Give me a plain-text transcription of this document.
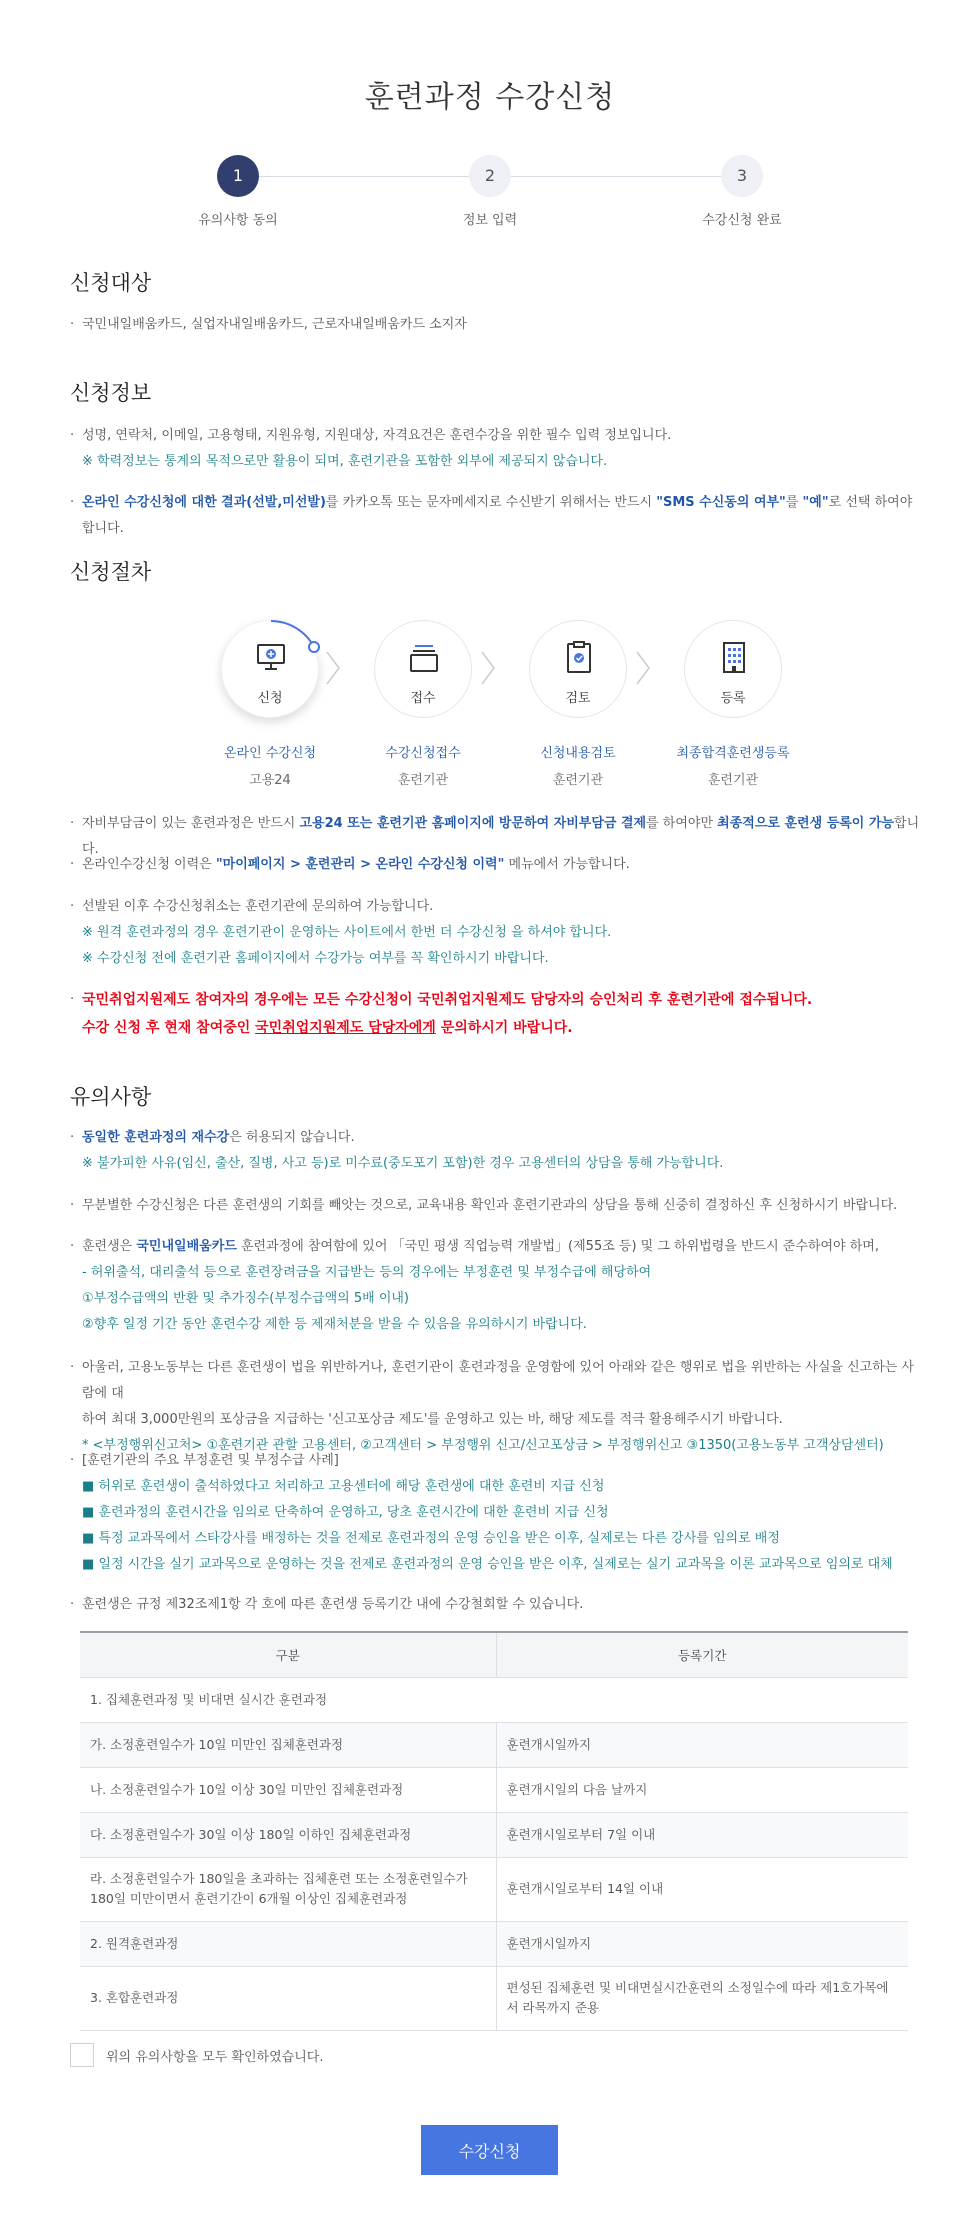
훈련과정 수강신청
1
유의사항 동의
2
정보 입력
3
수강신청 완료
신청대상
· 국민내일배움카드, 실업자내일배움카드, 근로자내일배움카드 소지자
신청정보
· 성명, 연락처, 이메일, 고용형태, 지원유형, 지원대상, 자격요건은 훈련수강을 위한 필수 입력 정보입니다.
※ 학력정보는 통계의 목적으로만 활용이 되며, 훈련기관을 포함한 외부에 제공되지 않습니다.
· 온라인 수강신청에 대한 결과(선발,미선발)를 카카오톡 또는 문자메세지로 수신받기 위해서는 반드시 "SMS 수신동의 여부"를 "예"로 선택 하여야 합니다.
신청절차
신청
온라인 수강신청
고용24
접수
수강신청접수
훈련기관
검토
신청내용검토
훈련기관
등록
최종합격훈련생등록
훈련기관
· 자비부담금이 있는 훈련과정은 반드시 고용24 또는 훈련기관 홈페이지에 방문하여 자비부담금 결제를 하여야만 최종적으로 훈련생 등록이 가능합니다.
· 온라인수강신청 이력은 "마이페이지 > 훈련관리 > 온라인 수강신청 이력" 메뉴에서 가능합니다.
· 선발된 이후 수강신청취소는 훈련기관에 문의하여 가능합니다.
※ 원격 훈련과정의 경우 훈련기관이 운영하는 사이트에서 한번 더 수강신청 을 하셔야 합니다.
※ 수강신청 전에 훈련기관 홈페이지에서 수강가능 여부를 꼭 확인하시기 바랍니다.
· 국민취업지원제도 참여자의 경우에는 모든 수강신청이 국민취업지원제도 담당자의 승인처리 후 훈련기관에 접수됩니다.
수강 신청 후 현재 참여중인 국민취업지원제도 담당자에게 문의하시기 바랍니다.
유의사항
· 동일한 훈련과정의 재수강은 허용되지 않습니다.
※ 불가피한 사유(임신, 출산, 질병, 사고 등)로 미수료(중도포기 포함)한 경우 고용센터의 상담을 통해 가능합니다.
· 무분별한 수강신청은 다른 훈련생의 기회를 빼앗는 것으로, 교육내용 확인과 훈련기관과의 상담을 통해 신중히 결정하신 후 신청하시기 바랍니다.
· 훈련생은 국민내일배움카드 훈련과정에 참여함에 있어 「국민 평생 직업능력 개발법」(제55조 등) 및 그 하위법령을 반드시 준수하여야 하며,
- 허위출석, 대리출석 등으로 훈련장려금을 지급받는 등의 경우에는 부정훈련 및 부정수급에 해당하여
①부정수급액의 반환 및 추가징수(부정수급액의 5배 이내)
②향후 일정 기간 동안 훈련수강 제한 등 제재처분을 받을 수 있음을 유의하시기 바랍니다.
· 아울러, 고용노동부는 다른 훈련생이 법을 위반하거나, 훈련기관이 훈련과정을 운영함에 있어 아래와 같은 행위로 법을 위반하는 사실을 신고하는 사람에 대
하여 최대 3,000만원의 포상금을 지급하는 '신고포상금 제도'를 운영하고 있는 바, 해당 제도를 적극 활용해주시기 바랍니다.
* <부정행위신고처> ①훈련기관 관할 고용센터, ②고객센터 > 부정행위 신고/신고포상금 > 부정행위신고 ③1350(고용노동부 고객상담센터)
· [훈련기관의 주요 부정훈련 및 부정수급 사례]
■ 허위로 훈련생이 출석하였다고 처리하고 고용센터에 해당 훈련생에 대한 훈련비 지급 신청
■ 훈련과정의 훈련시간을 임의로 단축하여 운영하고, 당초 훈련시간에 대한 훈련비 지급 신청
■ 특정 교과목에서 스타강사를 배정하는 것을 전제로 훈련과정의 운영 승인을 받은 이후, 실제로는 다른 강사를 임의로 배정
■ 일정 시간을 실기 교과목으로 운영하는 것을 전제로 훈련과정의 운영 승인을 받은 이후, 실제로는 실기 교과목을 이론 교과목으로 임의로 대체
· 훈련생은 규정 제32조제1항 각 호에 따른 훈련생 등록기간 내에 수강철회할 수 있습니다.
구분	등록기간
1. 집체훈련과정 및 비대면 실시간 훈련과정	
가. 소정훈련일수가 10일 미만인 집체훈련과정	훈련개시일까지
나. 소정훈련일수가 10일 이상 30일 미만인 집체훈련과정	훈련개시일의 다음 날까지
다. 소정훈련일수가 30일 이상 180일 이하인 집체훈련과정	훈련개시일로부터 7일 이내
라. 소정훈련일수가 180일을 초과하는 집체훈련 또는 소정훈련일수가 180일 미만이면서 훈련기간이 6개월 이상인 집체훈련과정	훈련개시일로부터 14일 이내
2. 원격훈련과정	훈련개시일까지
3. 혼합훈련과정	편성된 집체훈련 및 비대면실시간훈련의 소정일수에 따라 제1호가목에서 라목까지 준용
위의 유의사항을 모두 확인하였습니다.
수강신청
